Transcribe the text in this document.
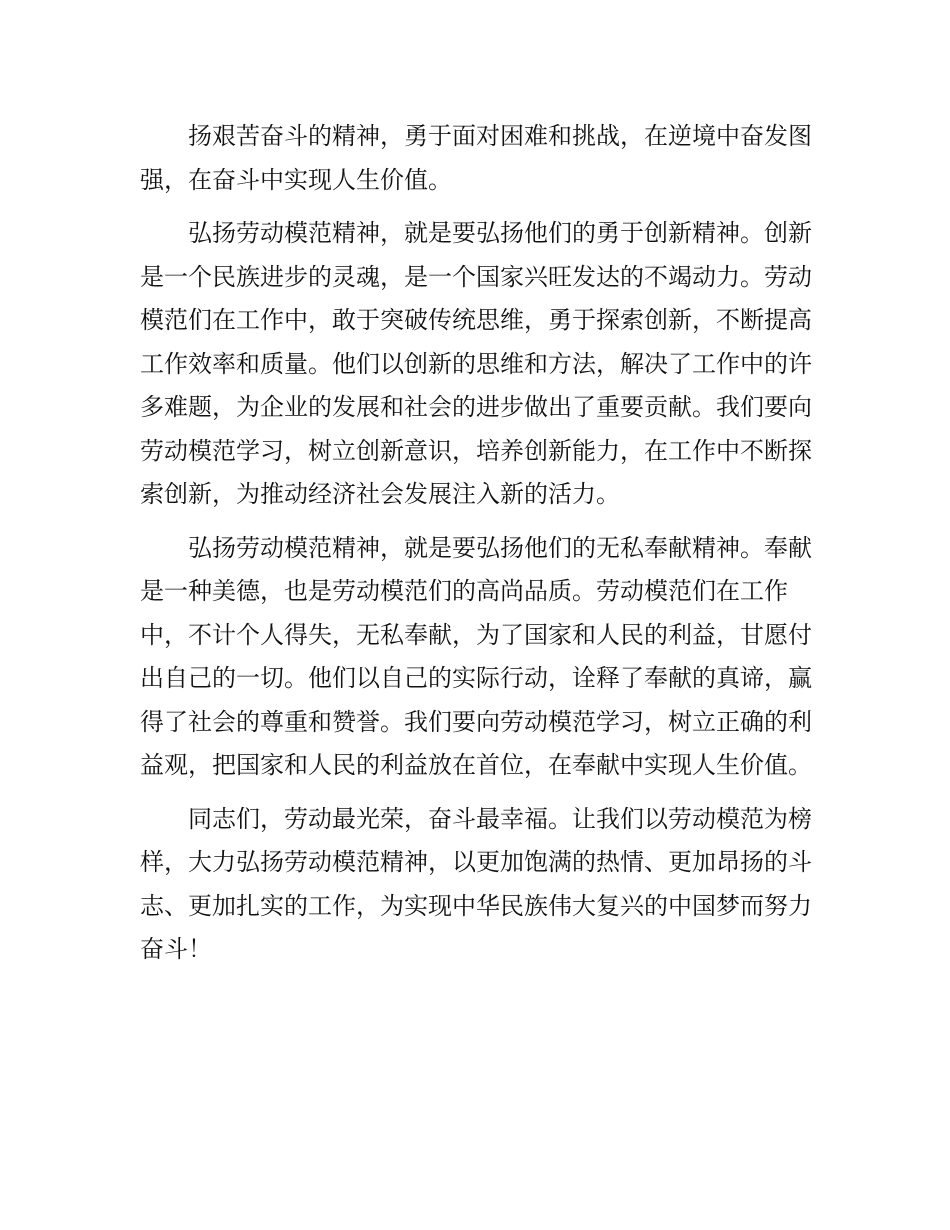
扬艰苦奋斗的精神，勇于面对困难和挑战，在逆境中奋发图强，在奋斗中实现人生价值。

弘扬劳动模范精神，就是要弘扬他们的勇于创新精神。创新是一个民族进步的灵魂，是一个国家兴旺发达的不竭动力。劳动模范们在工作中，敢于突破传统思维，勇于探索创新，不断提高工作效率和质量。他们以创新的思维和方法，解决了工作中的许多难题，为企业的发展和社会的进步做出了重要贡献。我们要向劳动模范学习，树立创新意识，培养创新能力，在工作中不断探索创新，为推动经济社会发展注入新的活力。

弘扬劳动模范精神，就是要弘扬他们的无私奉献精神。奉献是一种美德，也是劳动模范们的高尚品质。劳动模范们在工作中，不计个人得失，无私奉献，为了国家和人民的利益，甘愿付出自己的一切。他们以自己的实际行动，诠释了奉献的真谛，赢得了社会的尊重和赞誉。我们要向劳动模范学习，树立正确的利益观，把国家和人民的利益放在首位，在奉献中实现人生价值。

同志们，劳动最光荣，奋斗最幸福。让我们以劳动模范为榜样，大力弘扬劳动模范精神，以更加饱满的热情、更加昂扬的斗志、更加扎实的工作，为实现中华民族伟大复兴的中国梦而努力奋斗！
